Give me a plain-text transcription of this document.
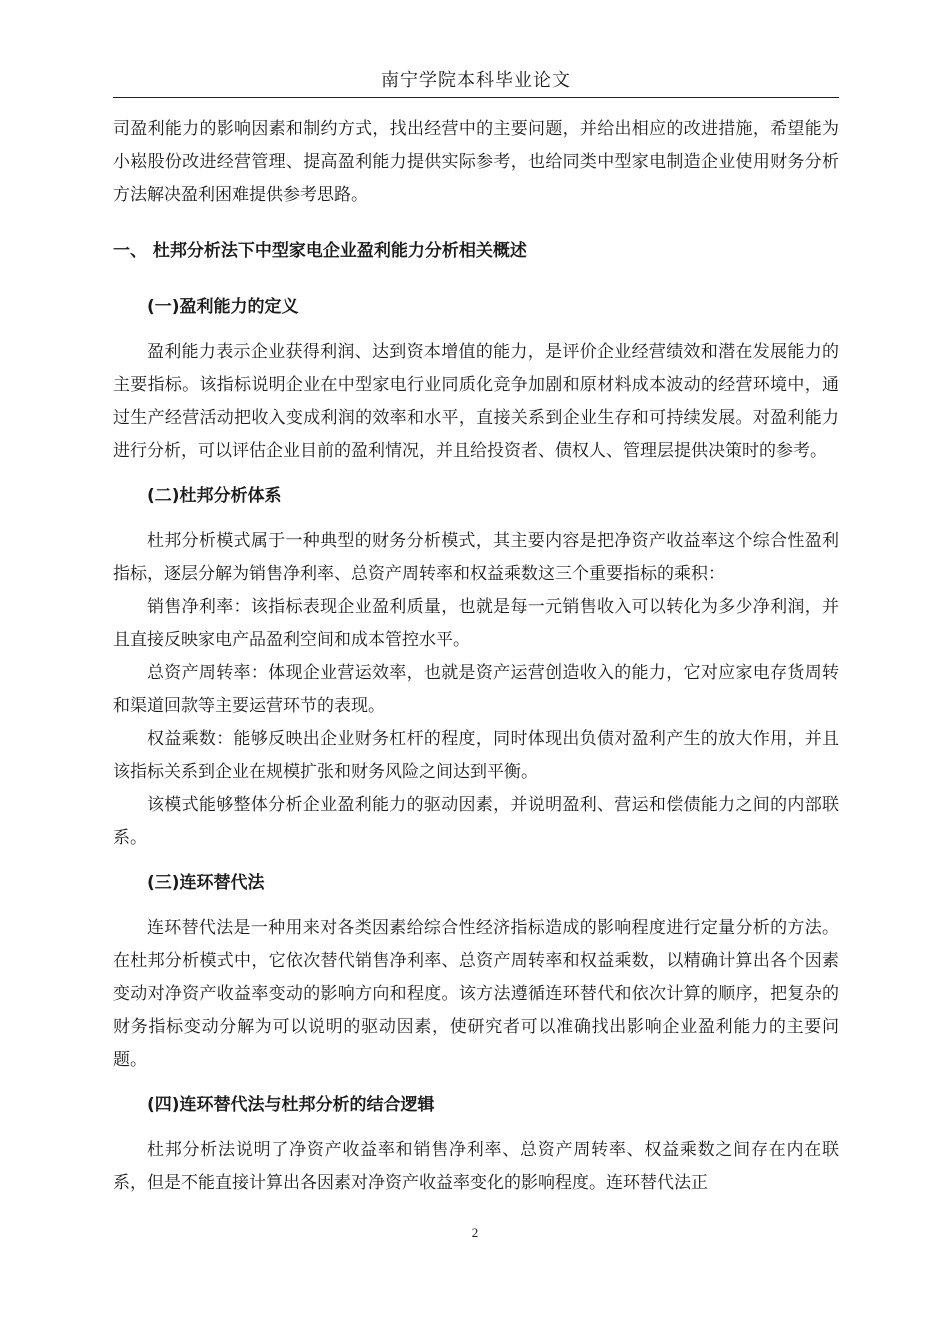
南宁学院本科毕业论文

司盈利能力的影响因素和制约方式，找出经营中的主要问题，并给出相应的改进措施，希望能为小崧股份改进经营管理、提高盈利能力提供实际参考，也给同类中型家电制造企业使用财务分析方法解决盈利困难提供参考思路。

一、 杜邦分析法下中型家电企业盈利能力分析相关概述
(一)盈利能力的定义

盈利能力表示企业获得利润、达到资本增值的能力，是评价企业经营绩效和潜在发展能力的主要指标。该指标说明企业在中型家电行业同质化竞争加剧和原材料成本波动的经营环境中，通过生产经营活动把收入变成利润的效率和水平，直接关系到企业生存和可持续发展。对盈利能力进行分析，可以评估企业目前的盈利情况，并且给投资者、债权人、管理层提供决策时的参考。

(二)杜邦分析体系

杜邦分析模式属于一种典型的财务分析模式，其主要内容是把净资产收益率这个综合性盈利指标，逐层分解为销售净利率、总资产周转率和权益乘数这三个重要指标的乘积：

销售净利率：该指标表现企业盈利质量，也就是每一元销售收入可以转化为多少净利润，并且直接反映家电产品盈利空间和成本管控水平。

总资产周转率：体现企业营运效率，也就是资产运营创造收入的能力，它对应家电存货周转和渠道回款等主要运营环节的表现。

权益乘数：能够反映出企业财务杠杆的程度，同时体现出负债对盈利产生的放大作用，并且该指标关系到企业在规模扩张和财务风险之间达到平衡。

该模式能够整体分析企业盈利能力的驱动因素，并说明盈利、营运和偿债能力之间的内部联系。

(三)连环替代法

连环替代法是一种用来对各类因素给综合性经济指标造成的影响程度进行定量分析的方法。在杜邦分析模式中，它依次替代销售净利率、总资产周转率和权益乘数，以精确计算出各个因素变动对净资产收益率变动的影响方向和程度。该方法遵循连环替代和依次计算的顺序，把复杂的财务指标变动分解为可以说明的驱动因素，使研究者可以准确找出影响企业盈利能力的主要问题。

(四)连环替代法与杜邦分析的结合逻辑

杜邦分析法说明了净资产收益率和销售净利率、总资产周转率、权益乘数之间存在内在联系，但是不能直接计算出各因素对净资产收益率变化的影响程度。连环替代法正

2
